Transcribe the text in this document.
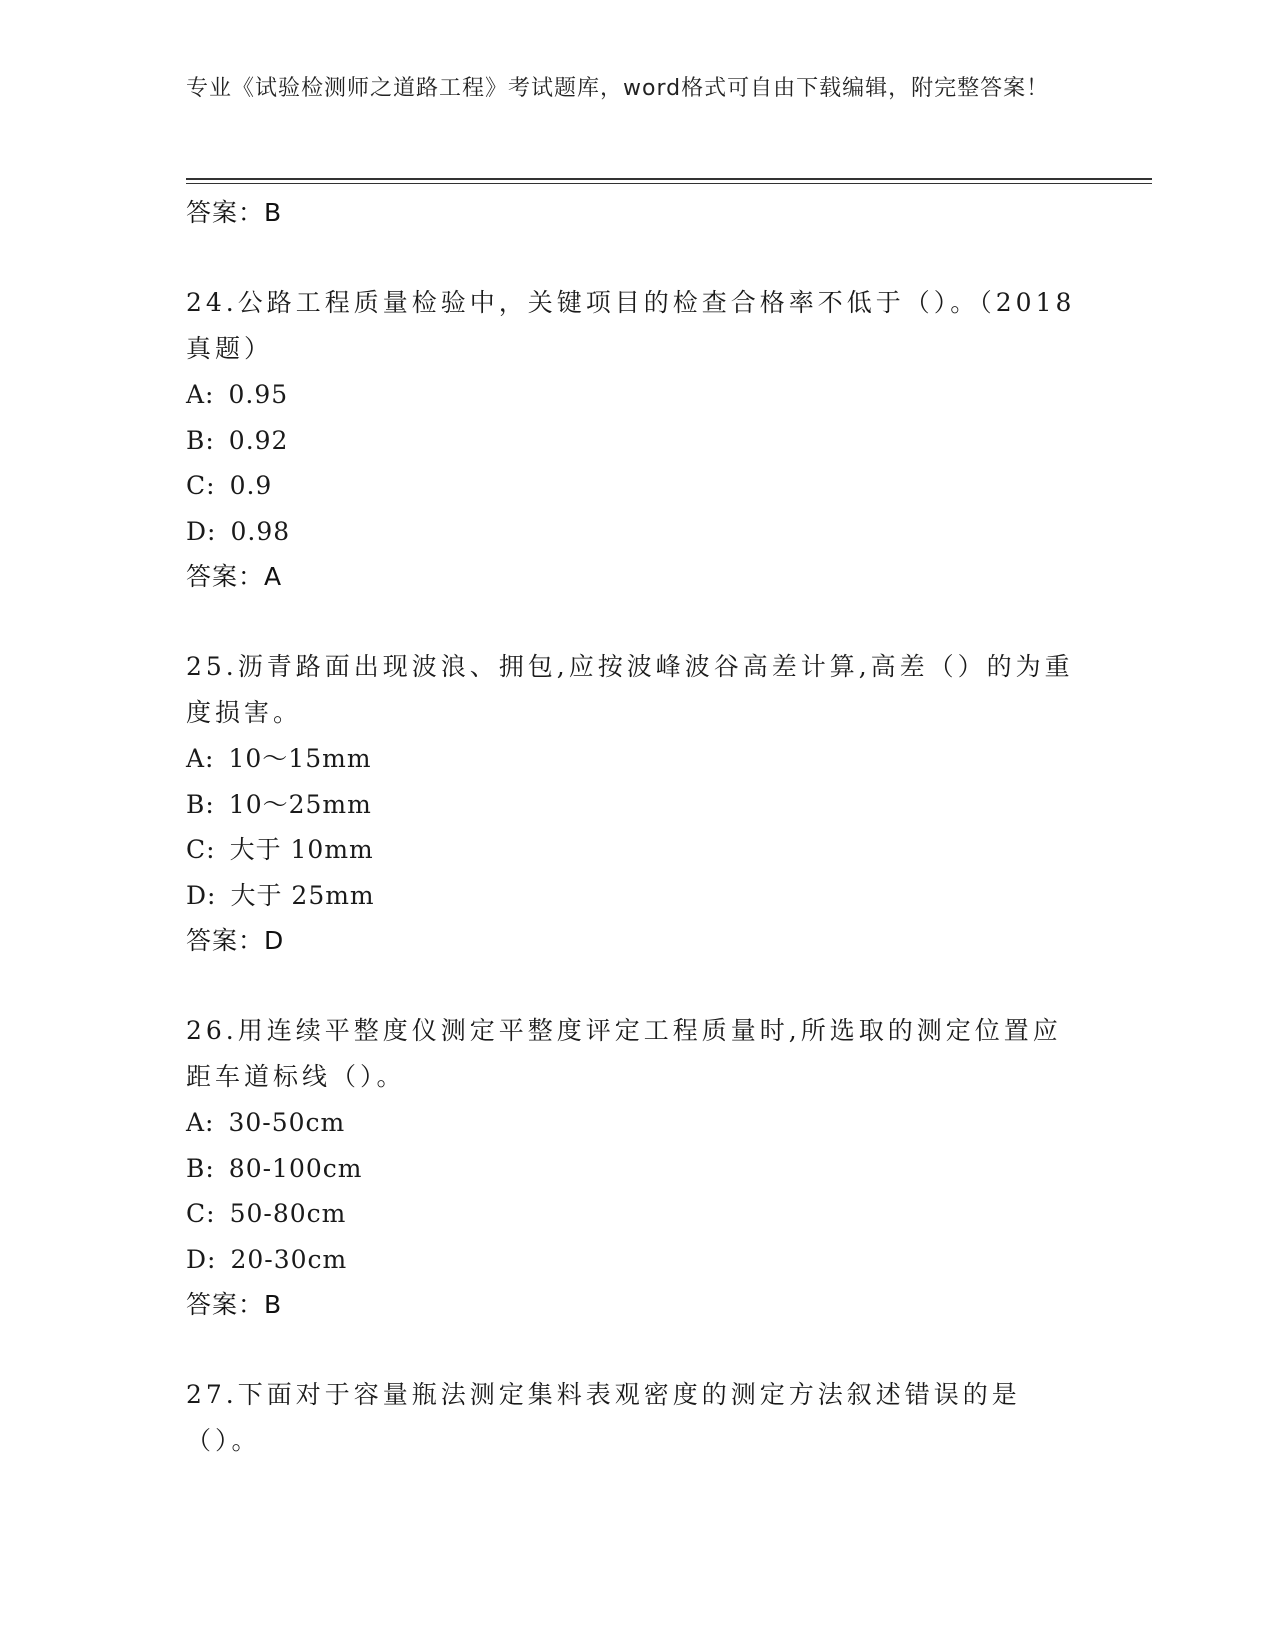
专业《试验检测师之道路工程》考试题库，word格式可自由下载编辑，附完整答案！
答案：B
24.公路工程质量检验中，关键项目的检查合格率不低于（）。（2018真题）
A: 0.95
B: 0.92
C: 0.9
D: 0.98
答案：A
25.沥青路面出现波浪、拥包,应按波峰波谷高差计算,高差（）的为重度损害。
A: 10～15mm
B: 10～25mm
C: 大于 10mm
D: 大于 25mm
答案：D
26.用连续平整度仪测定平整度评定工程质量时,所选取的测定位置应距车道标线（）。
A: 30-50cm
B: 80-100cm
C: 50-80cm
D: 20-30cm
答案：B
27.下面对于容量瓶法测定集料表观密度的测定方法叙述错误的是（）。
